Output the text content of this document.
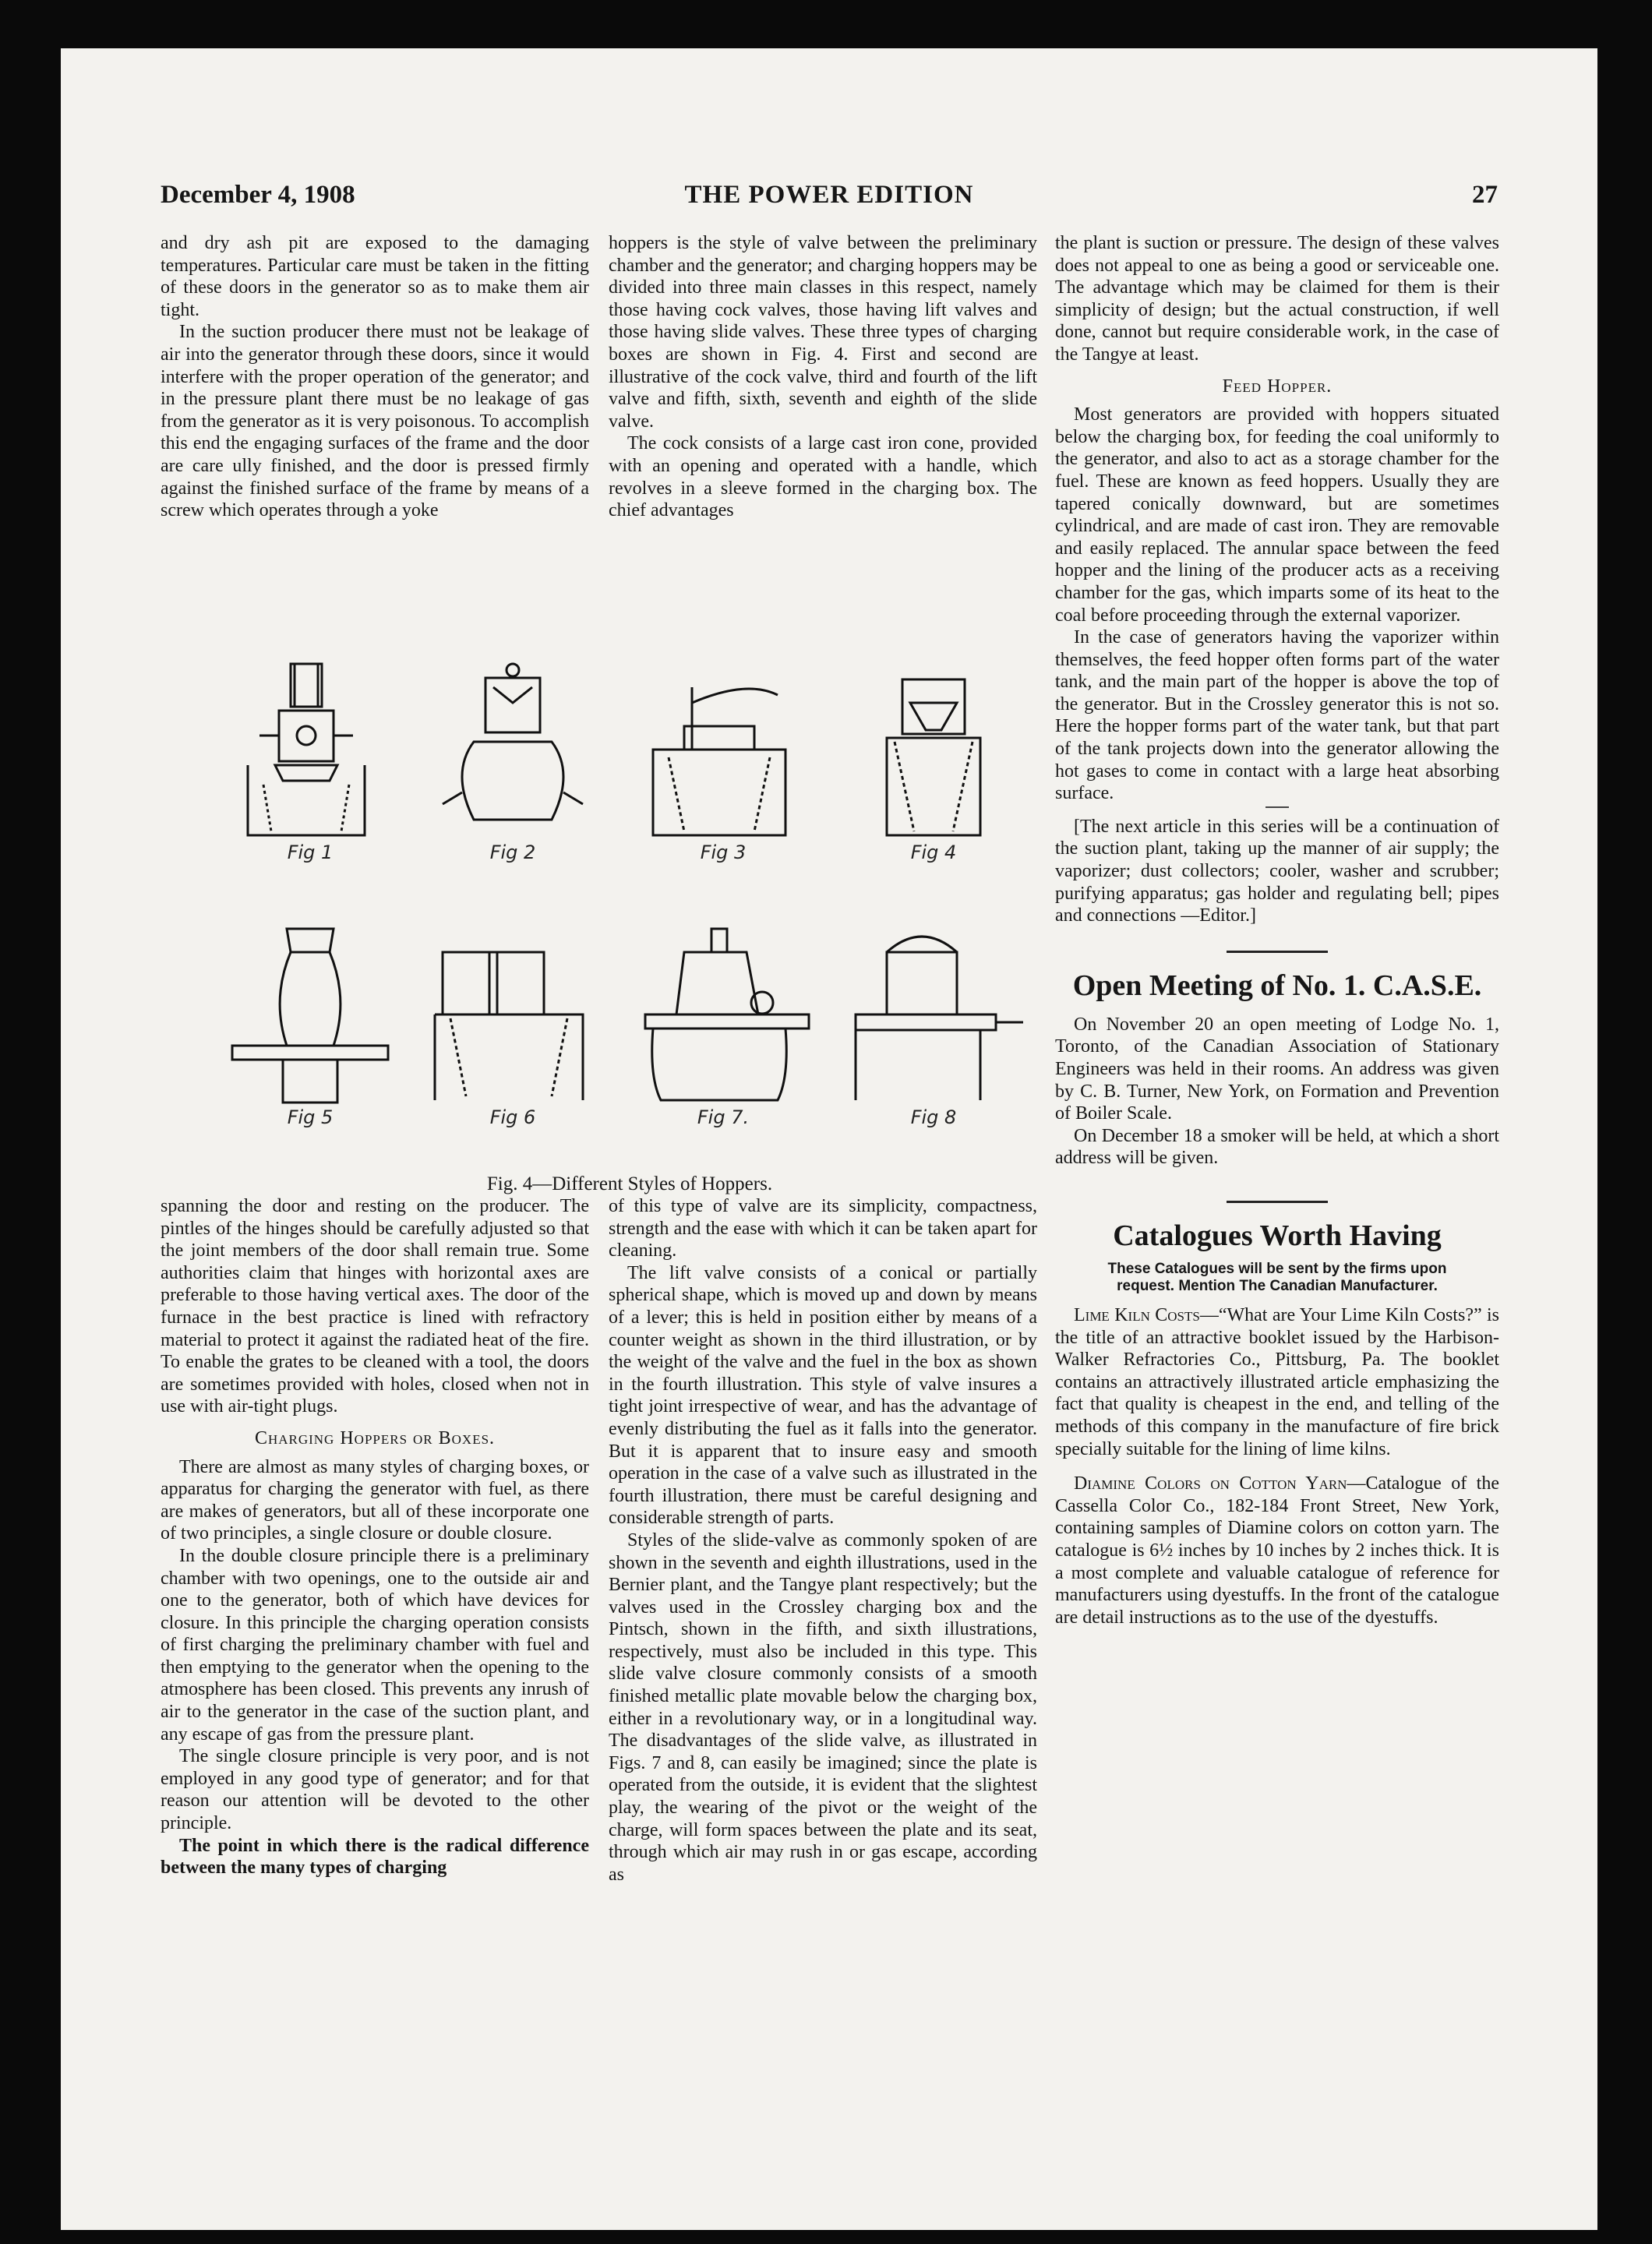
December 4, 1908	THE POWER EDITION	27

and dry ash pit are exposed to the damaging temperatures. Particular care must be taken in the fitting of these doors in the generator so as to make them air tight.

In the suction producer there must not be leakage of air into the generator through these doors, since it would interfere with the proper operation of the generator; and in the pressure plant there must be no leakage of gas from the generator as it is very poisonous. To accomplish this end the engaging surfaces of the frame and the door are care ully finished, and the door is pressed firmly against the finished surface of the frame by means of a screw which operates through a yoke

hoppers is the style of valve between the preliminary chamber and the generator; and charging hoppers may be divided into three main classes in this respect, namely those having cock valves, those having lift valves and those having slide valves. These three types of charging boxes are shown in Fig. 4. First and second are illustrative of the cock valve, third and fourth of the lift valve and fifth, sixth, seventh and eighth of the slide valve.

The cock consists of a large cast iron cone, provided with an opening and operated with a handle, which revolves in a sleeve formed in the charging box. The chief advantages

the plant is suction or pressure. The design of these valves does not appeal to one as being a good or serviceable one. The advantage which may be claimed for them is their simplicity of design; but the actual construction, if well done, cannot but require considerable work, in the case of the Tangye at least.

Feed Hopper.

Most generators are provided with hoppers situated below the charging box, for feeding the coal uniformly to the generator, and also to act as a storage chamber for the fuel. These are known as feed hoppers. Usually they are tapered conically downward, but are sometimes cylindrical, and are made of cast iron. They are removable and easily replaced. The annular space between the feed hopper and the lining of the producer acts as a receiving chamber for the gas, which imparts some of its heat to the coal before proceeding through the external vaporizer.

In the case of generators having the vaporizer within themselves, the feed hopper often forms part of the water tank, and the main part of the hopper is above the top of the generator. But in the Crossley generator this is not so. Here the hopper forms part of the water tank, but that part of the tank projects down into the generator allowing the hot gases to come in contact with a large heat absorbing surface.

[The next article in this series will be a continuation of the suction plant, taking up the manner of air supply; the vaporizer; dust collectors; cooler, washer and scrubber; purifying apparatus; gas holder and regulating bell; pipes and connections —Editor.]

Open Meeting of No. 1. C.A.S.E.

On November 20 an open meeting of Lodge No. 1, Toronto, of the Canadian Association of Stationary Engineers was held in their rooms. An address was given by C. B. Turner, New York, on Formation and Prevention of Boiler Scale.

On December 18 a smoker will be held, at which a short address will be given.

Catalogues Worth Having
These Catalogues will be sent by the firms upon request. Mention The Canadian Manufacturer.

Lime Kiln Costs—“What are Your Lime Kiln Costs?” is the title of an attractive booklet issued by the Harbison-Walker Refractories Co., Pittsburg, Pa. The booklet contains an attractively illustrated article emphasizing the fact that quality is cheapest in the end, and telling of the methods of this company in the manufacture of fire brick specially suitable for the lining of lime kilns.

Diamine Colors on Cotton Yarn—Catalogue of the Cassella Color Co., 182-184 Front Street, New York, containing samples of Diamine colors on cotton yarn. The catalogue is 6½ inches by 10 inches by 2 inches thick. It is a most complete and valuable catalogue of reference for manufacturers using dyestuffs. In the front of the catalogue are detail instructions as to the use of the dyestuffs.

Fig 1	Fig 2	Fig 3	Fig 4
Fig 5	Fig 6	Fig 7.	Fig 8
Fig. 4—Different Styles of Hoppers.

spanning the door and resting on the producer. The pintles of the hinges should be carefully adjusted so that the joint members of the door shall remain true. Some authorities claim that hinges with horizontal axes are preferable to those having vertical axes. The door of the furnace in the best practice is lined with refractory material to protect it against the radiated heat of the fire. To enable the grates to be cleaned with a tool, the doors are sometimes provided with holes, closed when not in use with air-tight plugs.

Charging Hoppers or Boxes.

There are almost as many styles of charging boxes, or apparatus for charging the generator with fuel, as there are makes of generators, but all of these incorporate one of two principles, a single closure or double closure.

In the double closure principle there is a preliminary chamber with two openings, one to the outside air and one to the generator, both of which have devices for closure. In this principle the charging operation consists of first charging the preliminary chamber with fuel and then emptying to the generator when the opening to the atmosphere has been closed. This prevents any inrush of air to the generator in the case of the suction plant, and any escape of gas from the pressure plant.

The single closure principle is very poor, and is not employed in any good type of generator; and for that reason our attention will be devoted to the other principle.

The point in which there is the radical difference between the many types of charging

of this type of valve are its simplicity, compactness, strength and the ease with which it can be taken apart for cleaning.

The lift valve consists of a conical or partially spherical shape, which is moved up and down by means of a lever; this is held in position either by means of a counter weight as shown in the third illustration, or by the weight of the valve and the fuel in the box as shown in the fourth illustration. This style of valve insures a tight joint irrespective of wear, and has the advantage of evenly distributing the fuel as it falls into the generator. But it is apparent that to insure easy and smooth operation in the case of a valve such as illustrated in the fourth illustration, there must be careful designing and considerable strength of parts.

Styles of the slide-valve as commonly spoken of are shown in the seventh and eighth illustrations, used in the Bernier plant, and the Tangye plant respectively; but the valves used in the Crossley charging box and the Pintsch, shown in the fifth, and sixth illustrations, respectively, must also be included in this type. This slide valve closure commonly consists of a smooth finished metallic plate movable below the charging box, either in a revolutionary way, or in a longitudinal way. The disadvantages of the slide valve, as illustrated in Figs. 7 and 8, can easily be imagined; since the plate is operated from the outside, it is evident that the slightest play, the wearing of the pivot or the weight of the charge, will form spaces between the plate and its seat, through which air may rush in or gas escape, according as
